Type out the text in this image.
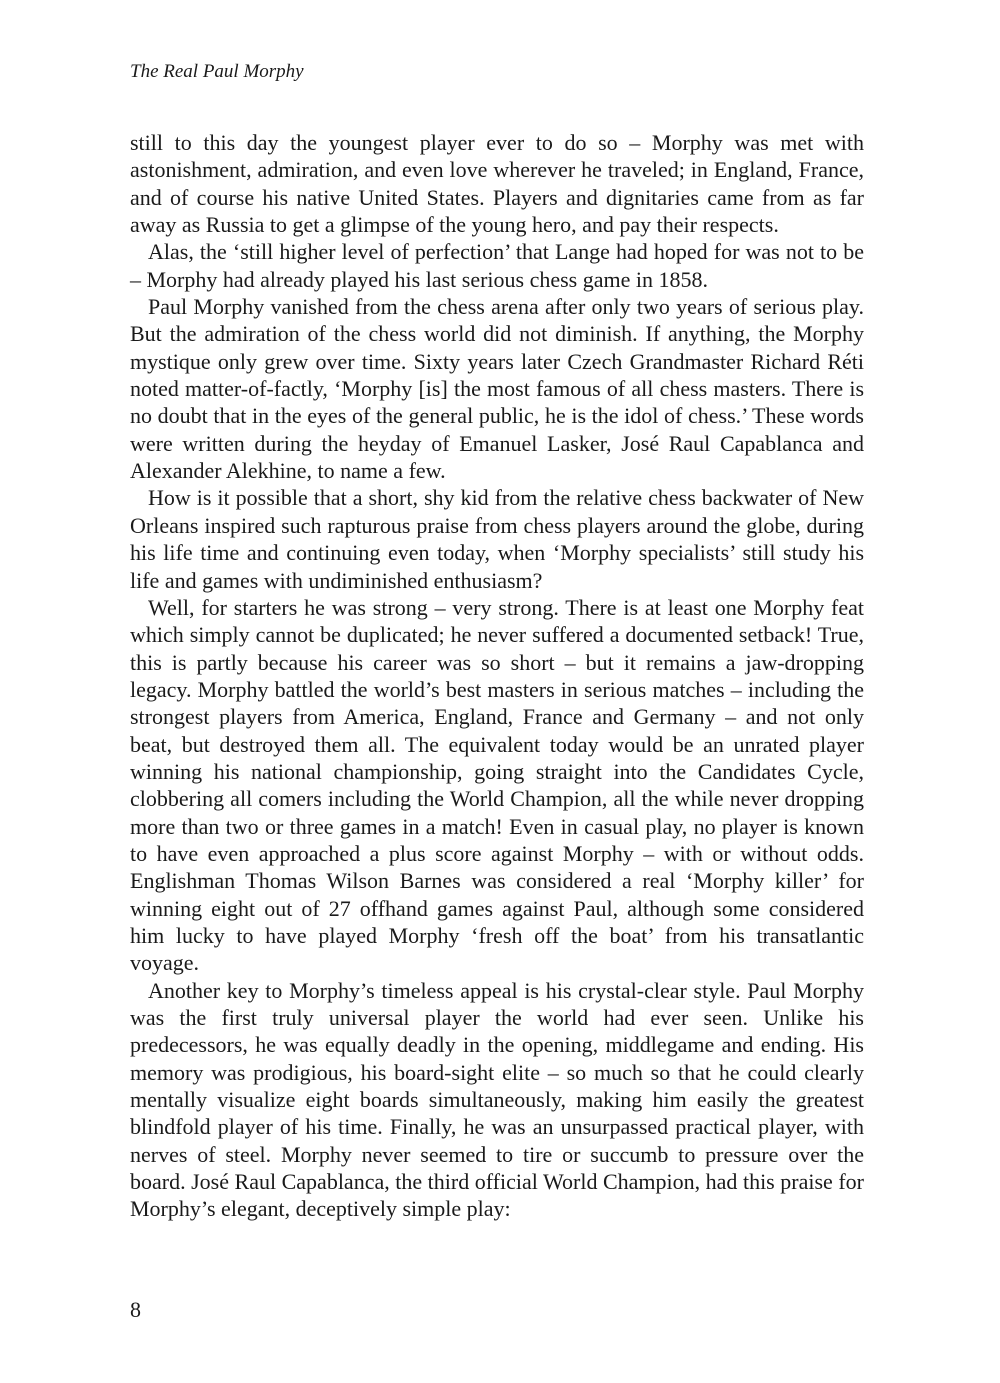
The Real Paul Morphy

still to this day the youngest player ever to do so – Morphy was met with astonishment, admiration, and even love wherever he traveled; in England, France, and of course his native United States. Players and dignitaries came from as far away as Russia to get a glimpse of the young hero, and pay their respects.

Alas, the ‘still higher level of perfection’ that Lange had hoped for was not to be – Morphy had already played his last serious chess game in 1858.

Paul Morphy vanished from the chess arena after only two years of serious play. But the admiration of the chess world did not diminish. If anything, the Morphy mystique only grew over time. Sixty years later Czech Grandmaster Richard Réti noted matter-of-factly, ‘Morphy [is] the most famous of all chess masters. There is no doubt that in the eyes of the general public, he is the idol of chess.’ These words were written during the heyday of Emanuel Lasker, José Raul Capablanca and Alexander Alekhine, to name a few.

How is it possible that a short, shy kid from the relative chess backwater of New Orleans inspired such rapturous praise from chess players around the globe, during his life time and continuing even today, when ‘Morphy specialists’ still study his life and games with undiminished enthusiasm?

Well, for starters he was strong – very strong. There is at least one Morphy feat which simply cannot be duplicated; he never suffered a documented setback! True, this is partly because his career was so short – but it remains a jaw-dropping legacy. Morphy battled the world’s best masters in serious matches – including the strongest players from America, England, France and Germany – and not only beat, but destroyed them all. The equivalent today would be an unrated player winning his national championship, going straight into the Candidates Cycle, clobbering all comers including the World Champion, all the while never dropping more than two or three games in a match! Even in casual play, no player is known to have even approached a plus score against Morphy – with or without odds. Englishman Thomas Wilson Barnes was considered a real ‘Morphy killer’ for winning eight out of 27 offhand games against Paul, although some considered him lucky to have played Morphy ‘fresh off the boat’ from his transatlantic voyage.

Another key to Morphy’s timeless appeal is his crystal-clear style. Paul Morphy was the first truly universal player the world had ever seen. Unlike his predecessors, he was equally deadly in the opening, middlegame and ending. His memory was prodigious, his board-sight elite – so much so that he could clearly mentally visualize eight boards simultaneously, making him easily the greatest blindfold player of his time. Finally, he was an unsurpassed practical player, with nerves of steel. Morphy never seemed to tire or succumb to pressure over the board. José Raul Capablanca, the third official World Champion, had this praise for Morphy’s elegant, deceptively simple play:

8
